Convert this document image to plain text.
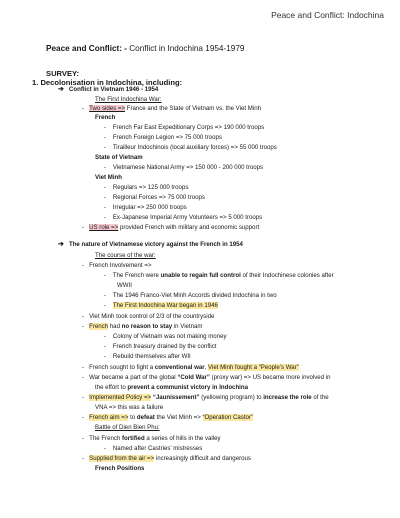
Peace and Conflict: Indochina
Peace and Conflict: - Conflict in Indochina 1954-1979
SURVEY:
1. Decolonisation in Indochina, including:
➔ Conflict in Vietnam 1946 - 1954
The First Indochina War:
- Two sides => France and the State of Vietnam vs. the Viet Minh
French
- French Far East Expeditionary Corps => 190 000 troops
- French Foreign Legion => 75 000 troops
- Tirailleur Indochinois (local auxiliary forces) => 55 000 troops
State of Vietnam
- Vietnamese National Army => 150 000 - 200 000 troops
Viet Minh
- Regulars => 125 000 troops
- Regional Forces => 75 000 troops
- Irregular => 250 000 troops
- Ex-Japanese Imperial Army Volunteers => 5 000 troops
- US role => provided French with military and economic support
➔ The nature of Vietnamese victory against the French in 1954
The course of the war:
- French Involvement =>
- The French were unable to regain full control of their Indochinese colonies after
WWII
- The 1946 Franco-Viet Minh Accords divided Indochina in two
- The First Indochina War began in 1946
- Viet Minh took control of 2/3 of the countryside
- French had no reason to stay in Vietnam
- Colony of Vietnam was not making money
- French treasury drained by the conflict
- Rebuild themselves after WII
- French sought to fight a conventional war, Viet Minh fought a “People’s War”
- War became a part of the global “Cold War” (proxy war) => US became more involved in
the effort to prevent a communist victory in Indochina
- Implemented Policy => “Jaunissement” (yellowing program) to increase the role of the
VNA => this was a failure
- French aim => to defeat the Viet Minh => “Operation Castor”
Battle of Dien Bien Phu:
- The French fortified a series of hills in the valley
- Named after Castries’ mistresses
- Supplied from the air => increasingly difficult and dangerous
French Positions
